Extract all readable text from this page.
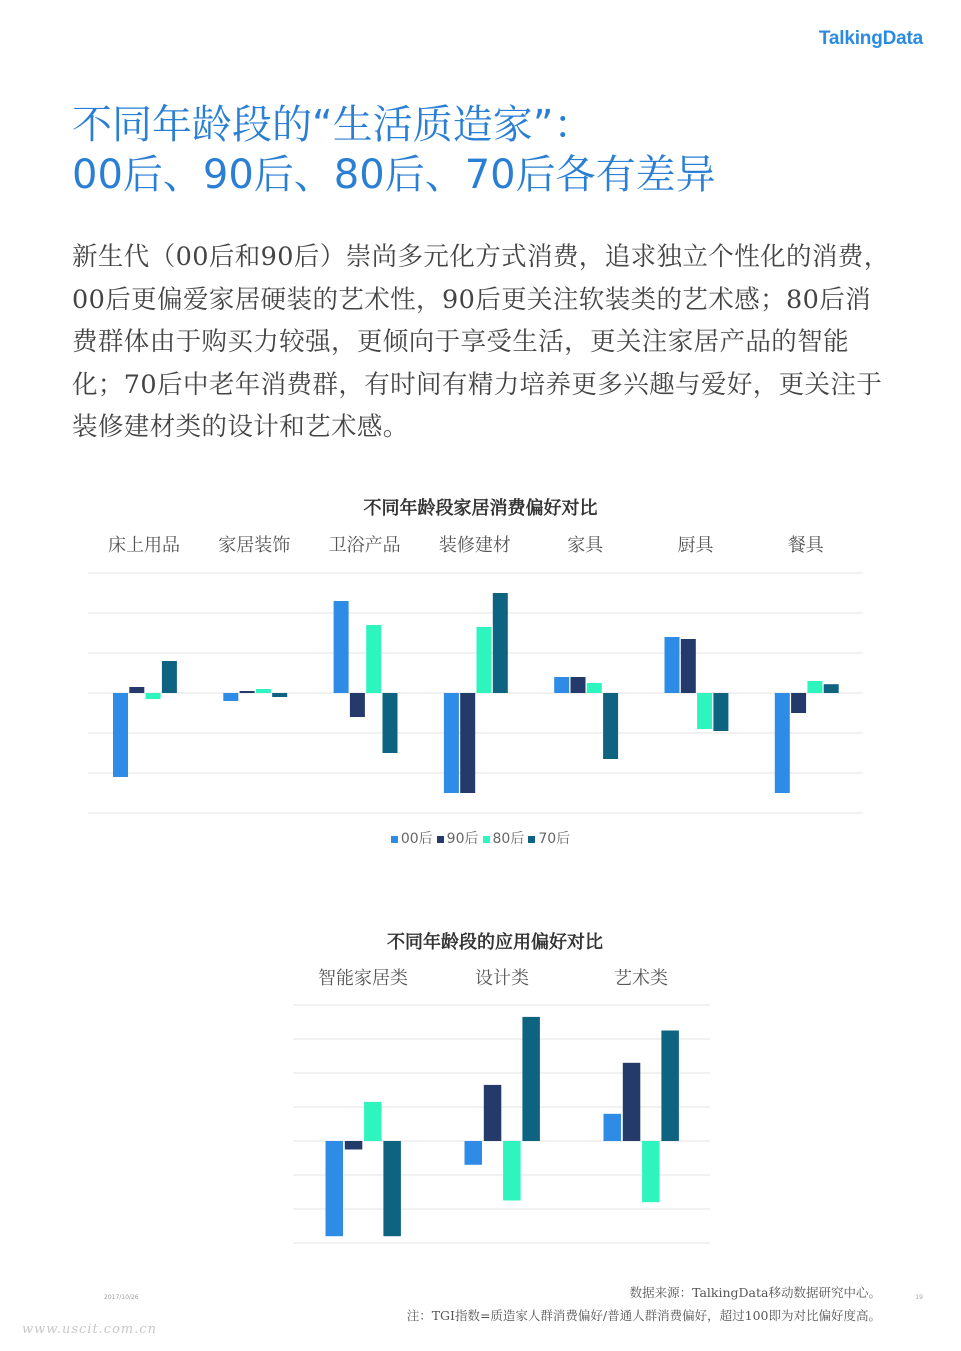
TalkingData
不同年龄段的“生活质造家”：
00后、90后、80后、70后各有差异

新生代（00后和90后）崇尚多元化方式消费，追求独立个性化的消费，00后更偏爱家居硬装的艺术性，90后更关注软装类的艺术感；80后消费群体由于购买力较强，更倾向于享受生活，更关注家居产品的智能化；70后中老年消费群，有时间有精力培养更多兴趣与爱好，更关注于装修建材类的设计和艺术感。

不同年龄段家居消费偏好对比
床上用品 家居装饰 卫浴产品 装修建材	家具	厨具	餐具
00后 90后 80后 70后
不同年龄段的应用偏好对比
智能家居类	设计类	艺术类
2017/10/26	数据来源：TalkingData移动数据研究中心。
注：TGI指数=质造家人群消费偏好/普通人群消费偏好，超过100即为对比偏好度高。
19
www.uscit.com.cn
